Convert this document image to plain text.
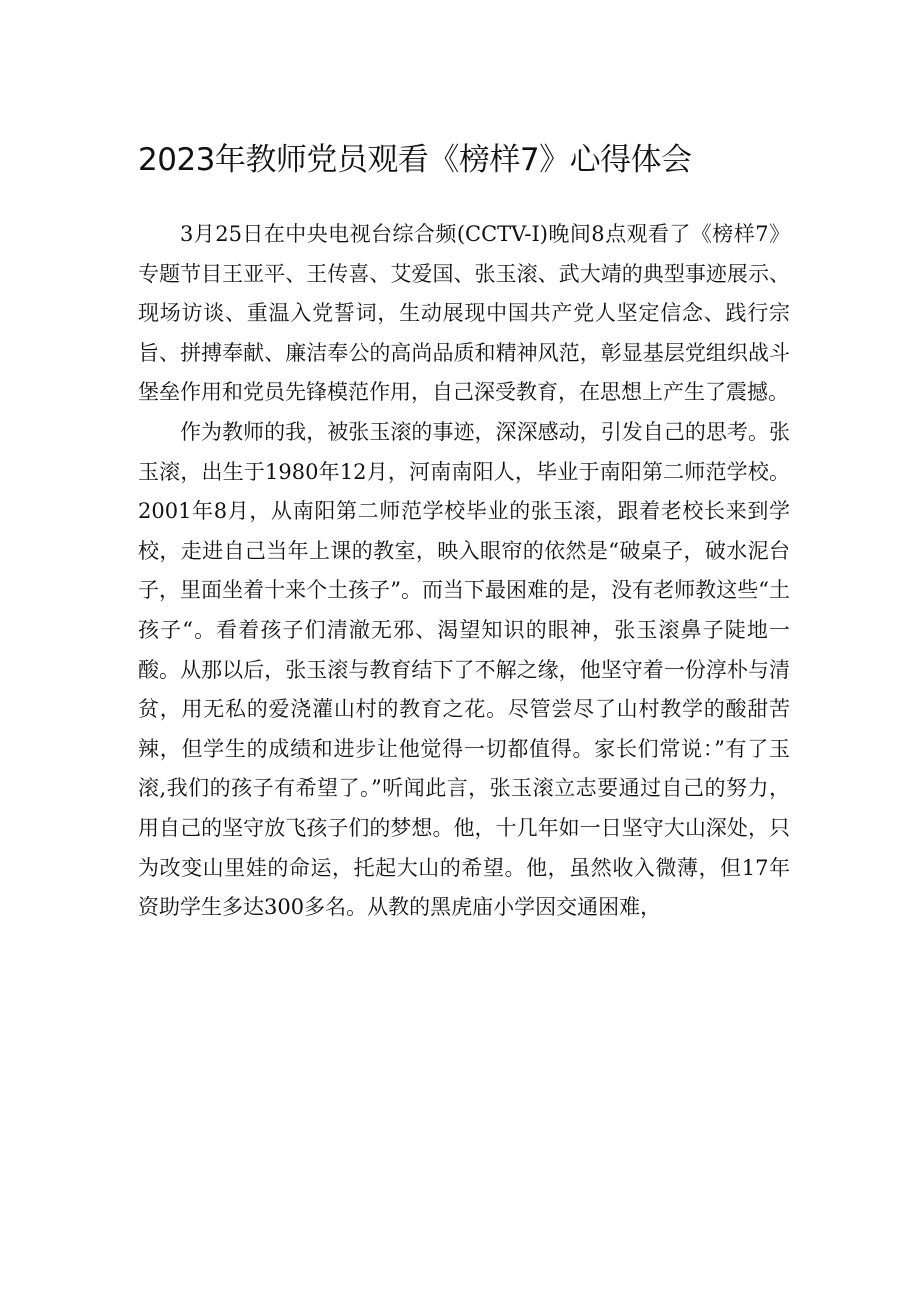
2023年教师党员观看《榜样7》心得体会

3月25日在中央电视台综合频(CCTV-I)晚间8点观看了《榜样7》专题节目王亚平、王传喜、艾爱国、张玉滚、武大靖的典型事迹展示、现场访谈、重温入党誓词，生动展现中国共产党人坚定信念、践行宗旨、拼搏奉献、廉洁奉公的高尚品质和精神风范，彰显基层党组织战斗堡垒作用和党员先锋模范作用，自己深受教育，在思想上产生了震撼。

作为教师的我，被张玉滚的事迹，深深感动，引发自己的思考。张玉滚，出生于1980年12月，河南南阳人，毕业于南阳第二师范学校。2001年8月，从南阳第二师范学校毕业的张玉滚，跟着老校长来到学校，走进自己当年上课的教室，映入眼帘的依然是“破桌子，破水泥台子，里面坐着十来个土孩子”。而当下最困难的是，没有老师教这些“土孩子“。看着孩子们清澈无邪、渴望知识的眼神，张玉滚鼻子陡地一酸。从那以后，张玉滚与教育结下了不解之缘，他坚守着一份淳朴与清贫，用无私的爱浇灌山村的教育之花。尽管尝尽了山村教学的酸甜苦辣，但学生的成绩和进步让他觉得一切都值得。家长们常说：”有了玉滚,我们的孩子有希望了。”听闻此言，张玉滚立志要通过自己的努力，用自己的坚守放飞孩子们的梦想。他，十几年如一日坚守大山深处，只为改变山里娃的命运，托起大山的希望。他，虽然收入微薄，但17年资助学生多达300多名。从教的黑虎庙小学因交通困难，
